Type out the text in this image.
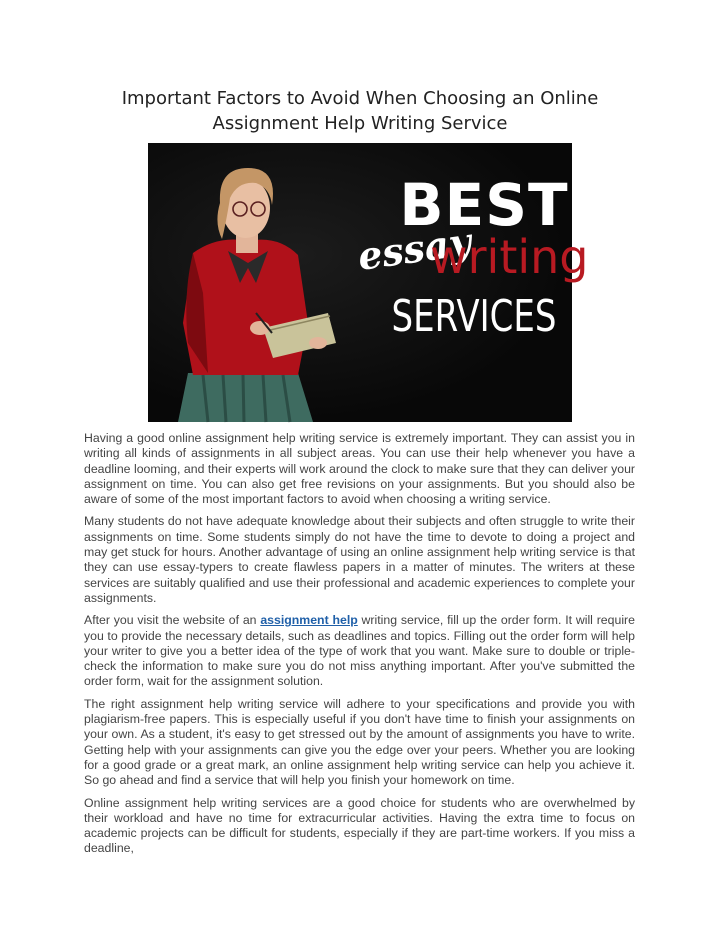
Important Factors to Avoid When Choosing an Online Assignment Help Writing Service
BEST
essay
writing
SERVICES

Having a good online assignment help writing service is extremely important. They can assist you in writing all kinds of assignments in all subject areas. You can use their help whenever you have a deadline looming, and their experts will work around the clock to make sure that they can deliver your assignment on time. You can also get free revisions on your assignments. But you should also be aware of some of the most important factors to avoid when choosing a writing service.

Many students do not have adequate knowledge about their subjects and often struggle to write their assignments on time. Some students simply do not have the time to devote to doing a project and may get stuck for hours. Another advantage of using an online assignment help writing service is that they can use essay-typers to create flawless papers in a matter of minutes. The writers at these services are suitably qualified and use their professional and academic experiences to complete your assignments.

After you visit the website of an assignment help writing service, fill up the order form. It will require you to provide the necessary details, such as deadlines and topics. Filling out the order form will help your writer to give you a better idea of the type of work that you want. Make sure to double or triple-check the information to make sure you do not miss anything important. After you've submitted the order form, wait for the assignment solution.

The right assignment help writing service will adhere to your specifications and provide you with plagiarism-free papers. This is especially useful if you don't have time to finish your assignments on your own. As a student, it's easy to get stressed out by the amount of assignments you have to write. Getting help with your assignments can give you the edge over your peers. Whether you are looking for a good grade or a great mark, an online assignment help writing service can help you achieve it. So go ahead and find a service that will help you finish your homework on time.

Online assignment help writing services are a good choice for students who are overwhelmed by their workload and have no time for extracurricular activities. Having the extra time to focus on academic projects can be difficult for students, especially if they are part-time workers. If you miss a deadline,
